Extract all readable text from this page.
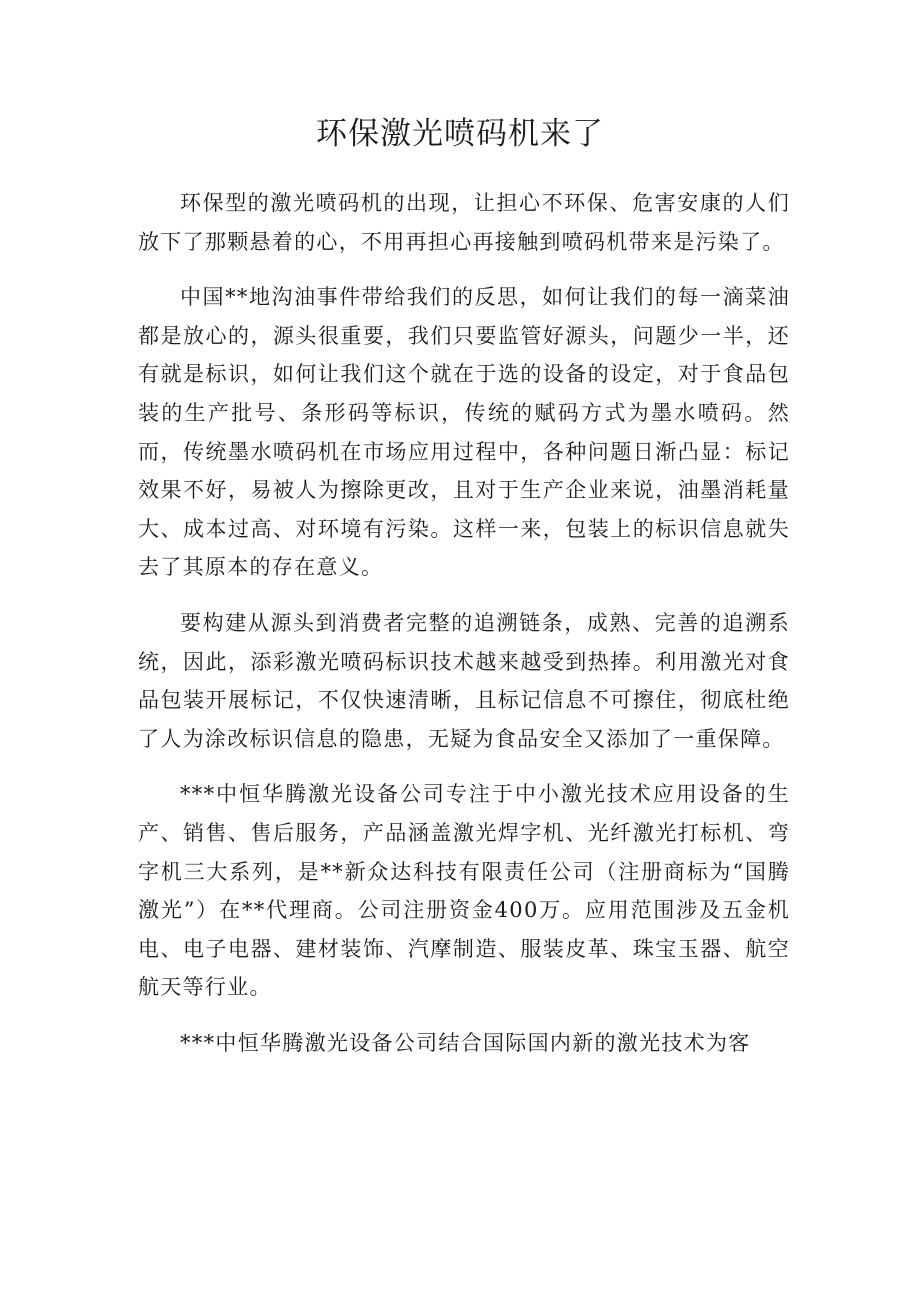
环保激光喷码机来了

环保型的激光喷码机的出现，让担心不环保、危害安康的人们放下了那颗悬着的心，不用再担心再接触到喷码机带来是污染了。

中国**地沟油事件带给我们的反思，如何让我们的每一滴菜油都是放心的，源头很重要，我们只要监管好源头，问题少一半，还有就是标识，如何让我们这个就在于选的设备的设定，对于食品包装的生产批号、条形码等标识，传统的赋码方式为墨水喷码。然而，传统墨水喷码机在市场应用过程中，各种问题日渐凸显：标记效果不好，易被人为擦除更改，且对于生产企业来说，油墨消耗量大、成本过高、对环境有污染。这样一来，包装上的标识信息就失去了其原本的存在意义。

要构建从源头到消费者完整的追溯链条，成熟、完善的追溯系统，因此，添彩激光喷码标识技术越来越受到热捧。利用激光对食品包装开展标记，不仅快速清晰，且标记信息不可擦住，彻底杜绝了人为涂改标识信息的隐患，无疑为食品安全又添加了一重保障。

***中恒华腾激光设备公司专注于中小激光技术应用设备的生产、销售、售后服务，产品涵盖激光焊字机、光纤激光打标机、弯字机三大系列，是**新众达科技有限责任公司（注册商标为“国腾激光”）在**代理商。公司注册资金400万。应用范围涉及五金机电、电子电器、建材装饰、汽摩制造、服装皮革、珠宝玉器、航空航天等行业。

***中恒华腾激光设备公司结合国际国内新的激光技术为客
